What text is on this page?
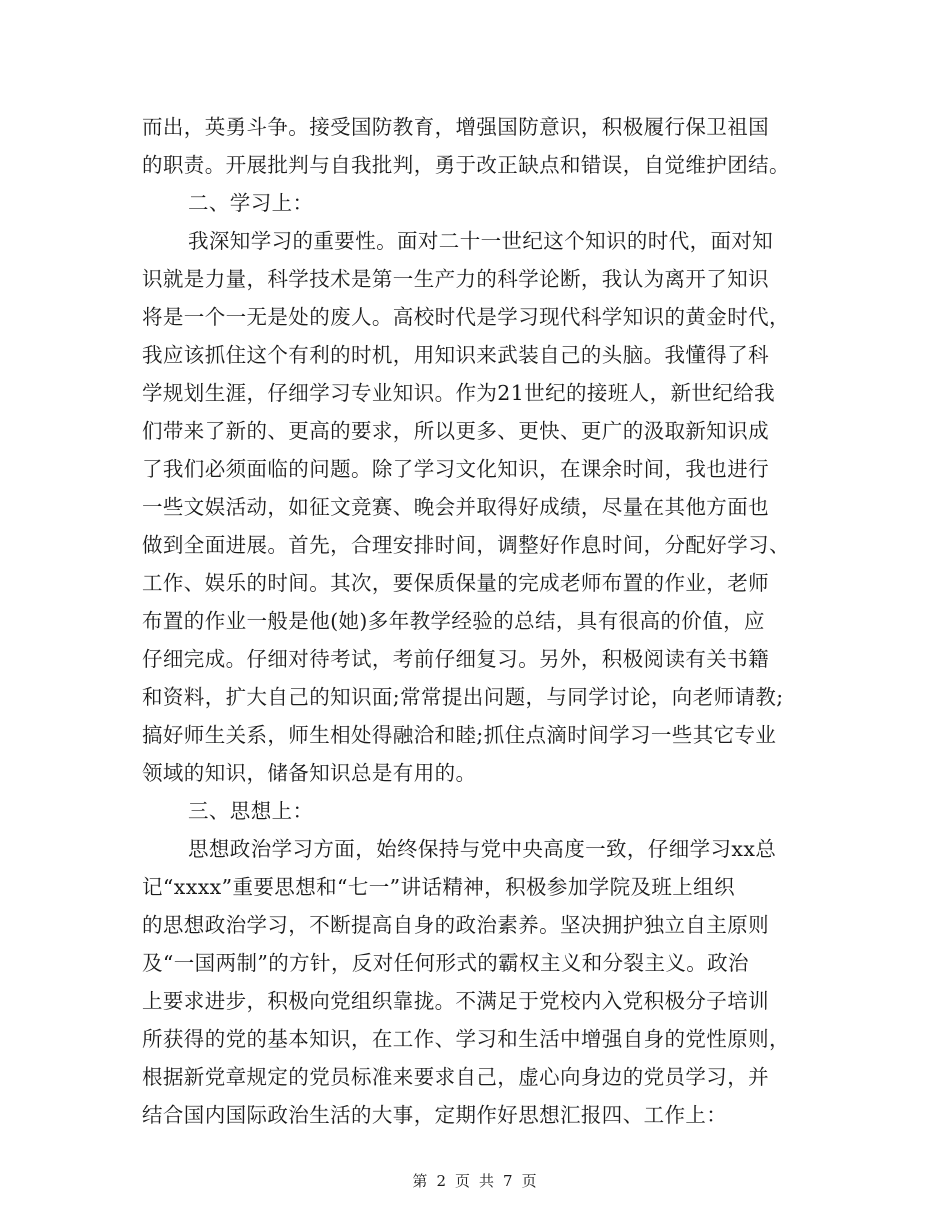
而出，英勇斗争。接受国防教育，增强国防意识，积极履行保卫祖国
的职责。开展批判与自我批判，勇于改正缺点和错误，自觉维护团结。
二、学习上：
我深知学习的重要性。面对二十一世纪这个知识的时代，面对知
识就是力量，科学技术是第一生产力的科学论断，我认为离开了知识
将是一个一无是处的废人。高校时代是学习现代科学知识的黄金时代，
我应该抓住这个有利的时机，用知识来武装自己的头脑。我懂得了科
学规划生涯，仔细学习专业知识。作为21世纪的接班人，新世纪给我
们带来了新的、更高的要求，所以更多、更快、更广的汲取新知识成
了我们必须面临的问题。除了学习文化知识，在课余时间，我也进行
一些文娱活动，如征文竞赛、晚会并取得好成绩，尽量在其他方面也
做到全面进展。首先，合理安排时间，调整好作息时间，分配好学习、
工作、娱乐的时间。其次，要保质保量的完成老师布置的作业，老师
布置的作业一般是他(她)多年教学经验的总结，具有很高的价值，应
仔细完成。仔细对待考试，考前仔细复习。另外，积极阅读有关书籍
和资料，扩大自己的知识面;常常提出问题，与同学讨论，向老师请教;
搞好师生关系，师生相处得融洽和睦;抓住点滴时间学习一些其它专业
领域的知识，储备知识总是有用的。
三、思想上：
思想政治学习方面，始终保持与党中央高度一致，仔细学习xx总
记“xxxx”重要思想和“七一”讲话精神，积极参加学院及班上组织
的思想政治学习，不断提高自身的政治素养。坚决拥护独立自主原则
及“一国两制”的方针，反对任何形式的霸权主义和分裂主义。政治
上要求进步，积极向党组织靠拢。不满足于党校内入党积极分子培训
所获得的党的基本知识，在工作、学习和生活中增强自身的党性原则，
根据新党章规定的党员标准来要求自己，虚心向身边的党员学习，并
结合国内国际政治生活的大事，定期作好思想汇报四、工作上：
第 2 页 共 7 页
